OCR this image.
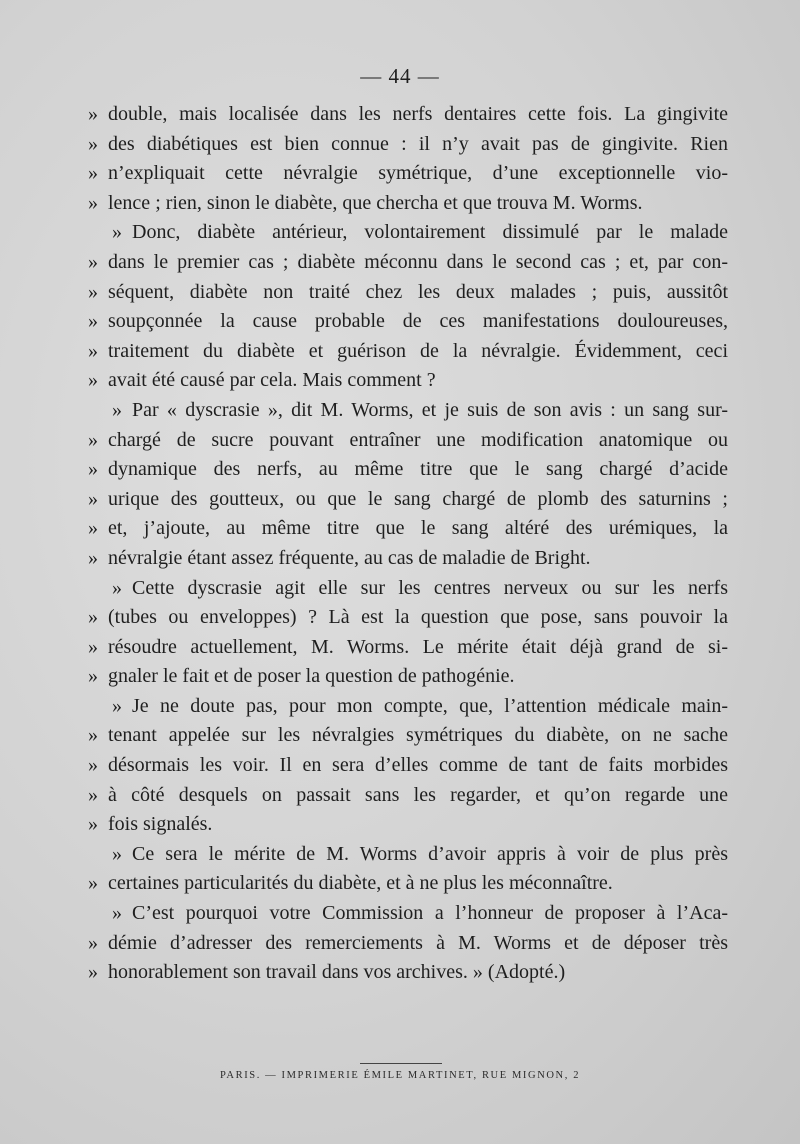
— 44 —
» double, mais localisée dans les nerfs dentaires cette fois. La gingivite
» des diabétiques est bien connue : il n’y avait pas de gingivite. Rien
» n’expliquait cette névralgie symétrique, d’une exceptionnelle vio-
» lence ; rien, sinon le diabète, que chercha et que trouva M. Worms.
» Donc, diabète antérieur, volontairement dissimulé par le malade
» dans le premier cas ; diabète méconnu dans le second cas ; et, par con-
» séquent, diabète non traité chez les deux malades ; puis, aussitôt
» soupçonnée la cause probable de ces manifestations douloureuses,
» traitement du diabète et guérison de la névralgie. Évidemment, ceci
» avait été causé par cela. Mais comment ?
» Par « dyscrasie », dit M. Worms, et je suis de son avis : un sang sur-
» chargé de sucre pouvant entraîner une modification anatomique ou
» dynamique des nerfs, au même titre que le sang chargé d’acide
» urique des goutteux, ou que le sang chargé de plomb des saturnins ;
» et, j’ajoute, au même titre que le sang altéré des urémiques, la
» névralgie étant assez fréquente, au cas de maladie de Bright.
» Cette dyscrasie agit elle sur les centres nerveux ou sur les nerfs
» (tubes ou enveloppes) ? Là est la question que pose, sans pouvoir la
» résoudre actuellement, M. Worms. Le mérite était déjà grand de si-
» gnaler le fait et de poser la question de pathogénie.
» Je ne doute pas, pour mon compte, que, l’attention médicale main-
» tenant appelée sur les névralgies symétriques du diabète, on ne sache
» désormais les voir. Il en sera d’elles comme de tant de faits morbides
» à côté desquels on passait sans les regarder, et qu’on regarde une
» fois signalés.
» Ce sera le mérite de M. Worms d’avoir appris à voir de plus près
» certaines particularités du diabète, et à ne plus les méconnaître.
» C’est pourquoi votre Commission a l’honneur de proposer à l’Aca-
» démie d’adresser des remerciements à M. Worms et de déposer très
» honorablement son travail dans vos archives. » (Adopté.)
PARIS. — IMPRIMERIE ÉMILE MARTINET, RUE MIGNON, 2
